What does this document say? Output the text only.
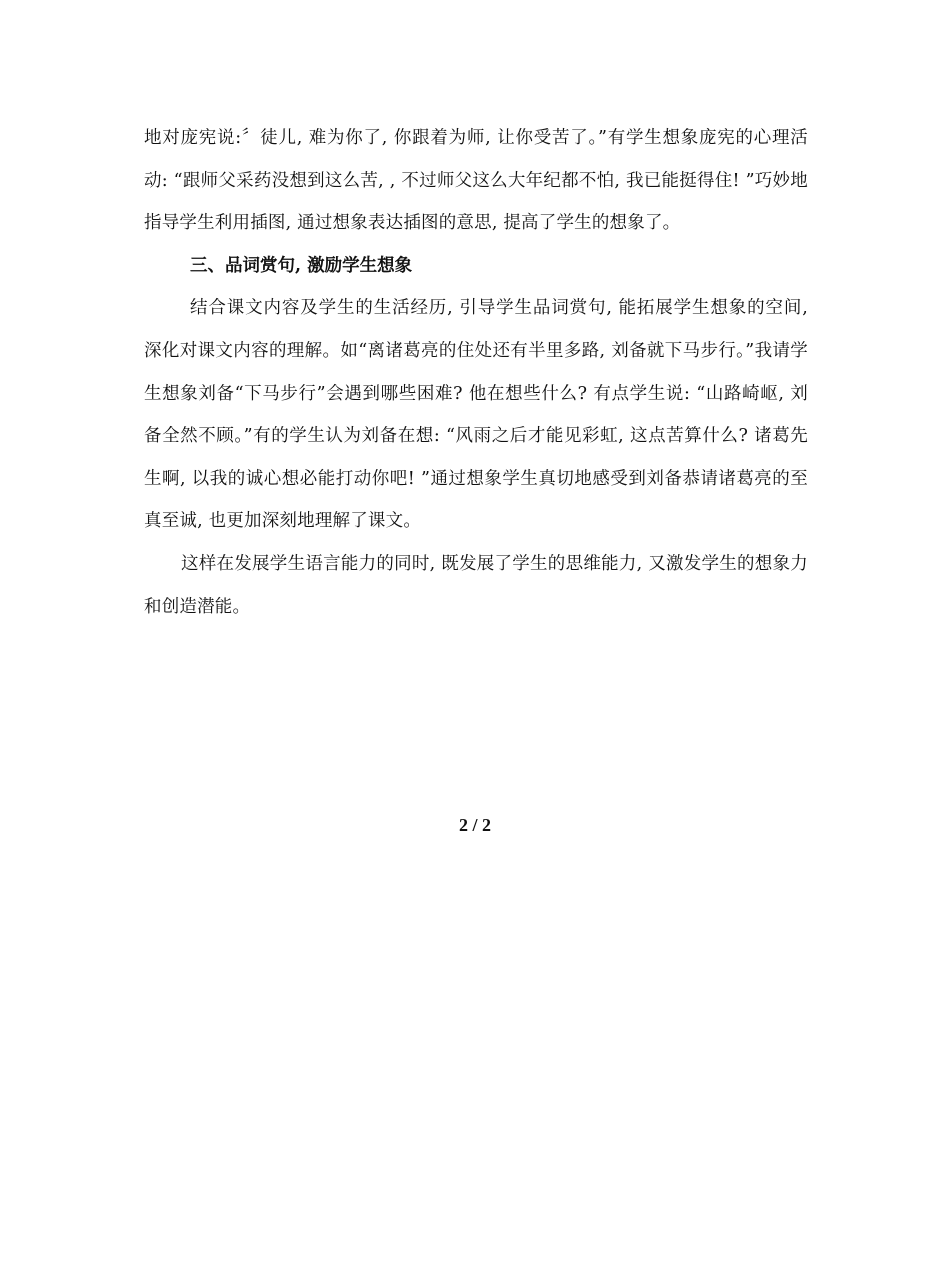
地对庞宪说:〞徒儿, 难为你了, 你跟着为师, 让你受苦了。”有学生想象庞宪的心理活动: “跟师父采药没想到这么苦, , 不过师父这么大年纪都不怕, 我已能挺得住! ”巧妙地指导学生利用插图, 通过想象表达插图的意思, 提高了学生的想象了。

三、品词赏句, 激励学生想象

结合课文内容及学生的生活经历, 引导学生品词赏句, 能拓展学生想象的空间, 深化对课文内容的理解。如“离诸葛亮的住处还有半里多路, 刘备就下马步行。”我请学生想象刘备“下马步行”会遇到哪些困难? 他在想些什么? 有点学生说: “山路崎岖, 刘备全然不顾。”有的学生认为刘备在想: “风雨之后才能见彩虹, 这点苦算什么? 诸葛先生啊, 以我的诚心想必能打动你吧! ”通过想象学生真切地感受到刘备恭请诸葛亮的至真至诚, 也更加深刻地理解了课文。

这样在发展学生语言能力的同时, 既发展了学生的思维能力, 又激发学生的想象力和创造潜能。

2 / 2
